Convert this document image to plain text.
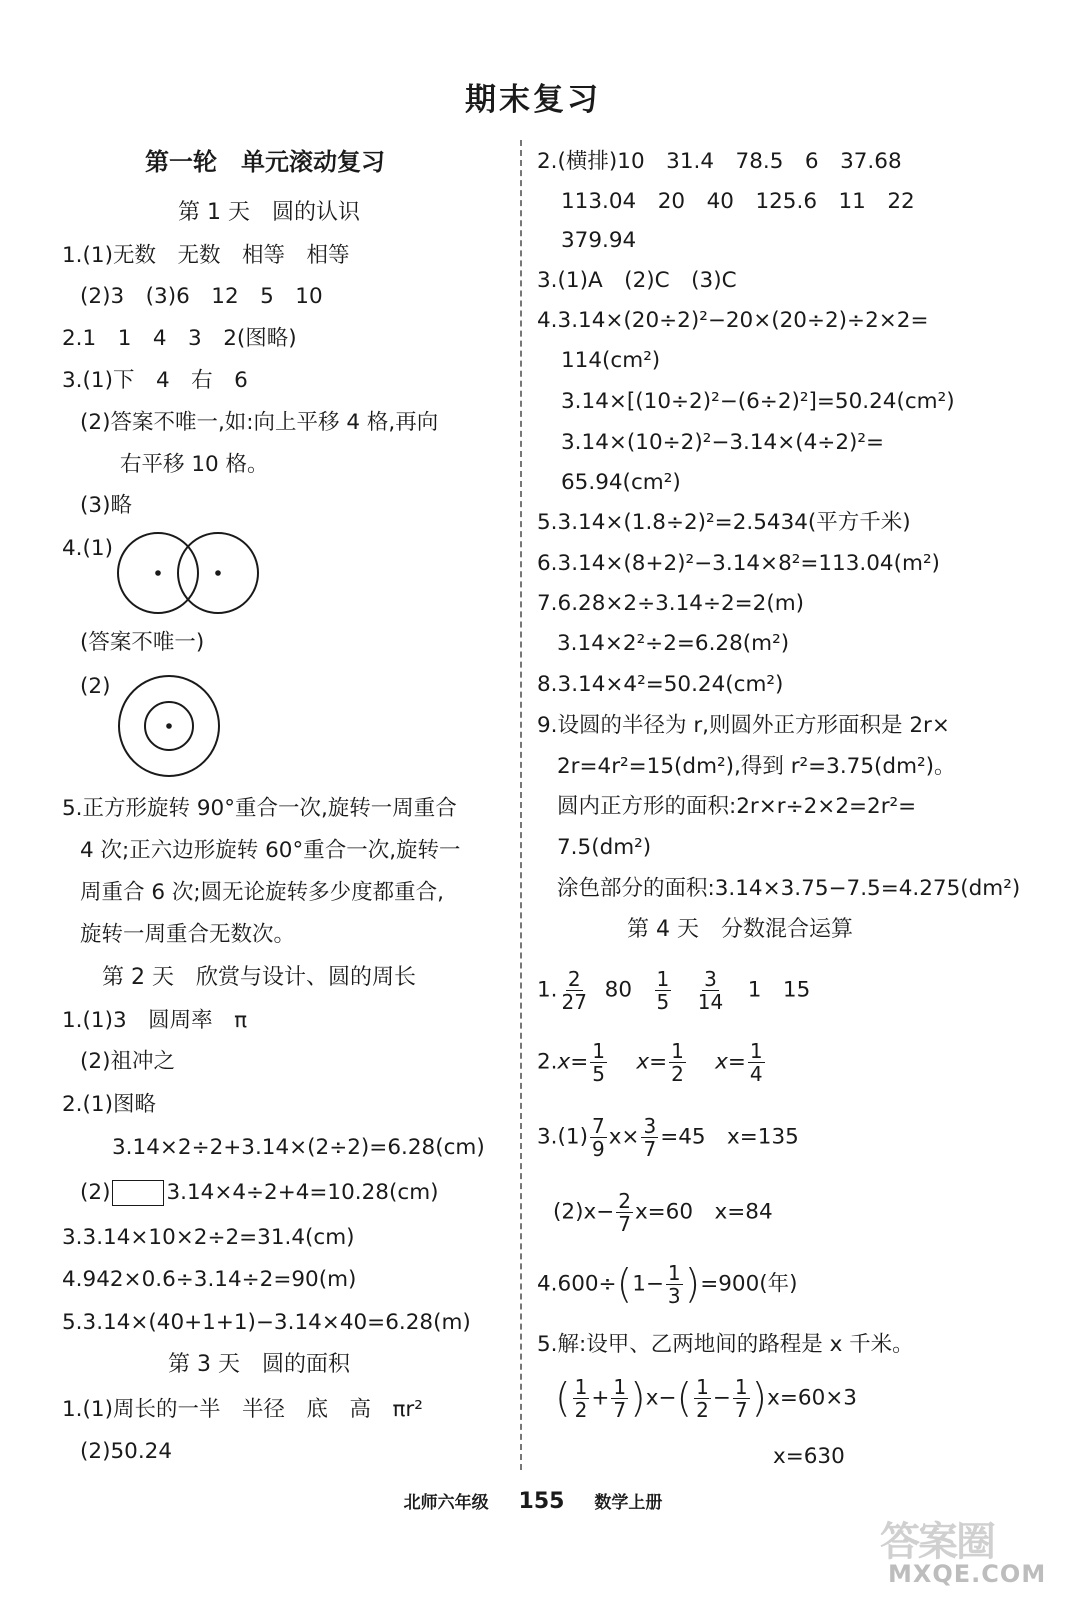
期末复习
第一轮　单元滚动复习
第 1 天　圆的认识
1.(1)无数　无数　相等　相等
(2)3　(3)6　12　5　10
2.1　1　4　3　2(图略)
3.(1)下　4　右　6
(2)答案不唯一,如:向上平移 4 格,再向
右平移 10 格。
(3)略
4.(1)
(答案不唯一)
(2)
5.正方形旋转 90°重合一次,旋转一周重合
4 次;正六边形旋转 60°重合一次,旋转一
周重合 6 次;圆无论旋转多少度都重合,
旋转一周重合无数次。
第 2 天　欣赏与设计、圆的周长
1.(1)3　圆周率　π
(2)祖冲之
2.(1)图略
3.14×2÷2+3.14×(2÷2)=6.28(cm)
(2)	3.14×4÷2+4=10.28(cm)
3.3.14×10×2÷2=31.4(cm)
4.942×0.6÷3.14÷2=90(m)
5.3.14×(40+1+1)−3.14×40=6.28(m)
第 3 天　圆的面积
1.(1)周长的一半　半径　底　高　πr²
(2)50.24
2.(横排)10　31.4　78.5　6　37.68
113.04　20　40　125.6　11　22
379.94
3.(1)A　(2)C　(3)C
4.3.14×(20÷2)²−20×(20÷2)÷2×2=
114(cm²)
3.14×[(10÷2)²−(6÷2)²]=50.24(cm²)
3.14×(10÷2)²−3.14×(4÷2)²=
65.94(cm²)
5.3.14×(1.8÷2)²=2.5434(平方千米)
6.3.14×(8+2)²−3.14×8²=113.04(m²)
7.6.28×2÷3.14÷2=2(m)
3.14×2²÷2=6.28(m²)
8.3.14×4²=50.24(cm²)
9.设圆的半径为 r,则圆外正方形面积是 2r×
2r=4r²=15(dm²),得到 r²=3.75(dm²)。
圆内正方形的面积:2r×r÷2×2=2r²=
7.5(dm²)
涂色部分的面积:3.14×3.75−7.5=4.275(dm²)
第 4 天　分数混合运算
1. $\frac{2}{27} 80 \frac{1}{5}$
$\frac{3}{14} 1$　15
$2.x= \frac{1}{5} x= \frac{1}{2} x= \frac{1}{4}$
$3.(1) \frac{7}{9} x\times \frac{3}{7} =45$　x=135
$(2)x- \frac{2}{7} x=60$　x=84
$4.600\div(1- \frac{1}{3} )=900$(年)
5.解:设甲、乙两地间的路程是 x 千米。
( $\frac{1}{2} + \frac{1}{7} )x-( \frac{1}{2} - \frac{1}{7} )x=60\times 3$
x=630
北师六年级 155 数学上册
答案圈
MXQE.COM
